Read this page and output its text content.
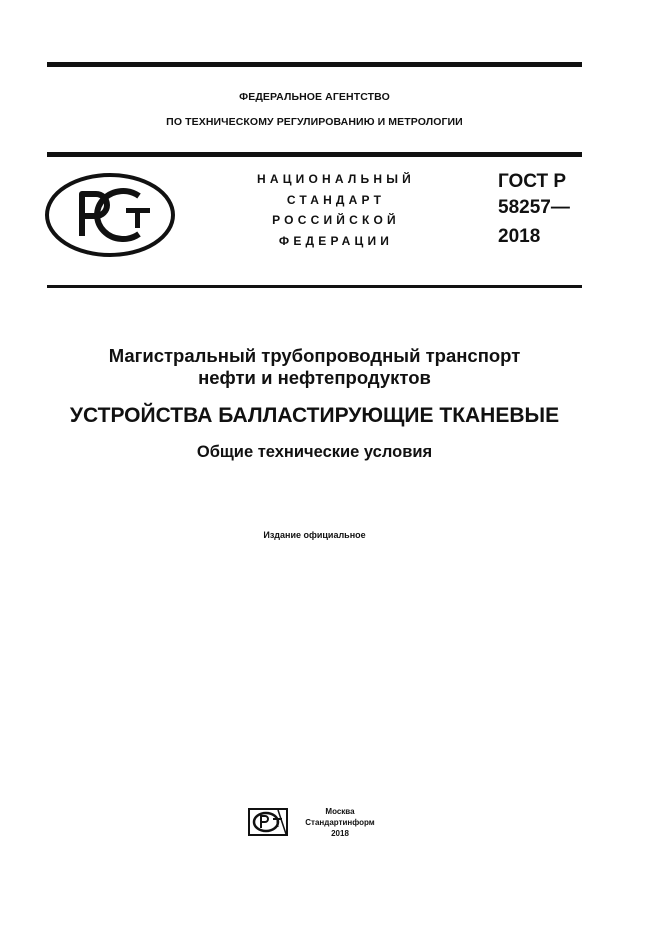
ФЕДЕРАЛЬНОЕ АГЕНТСТВО
ПО ТЕХНИЧЕСКОМУ РЕГУЛИРОВАНИЮ И МЕТРОЛОГИИ
НАЦИОНАЛЬНЫЙ
СТАНДАРТ
РОССИЙСКОЙ
ФЕДЕРАЦИИ
ГОСТ Р
58257—
2018
Магистральный трубопроводный транспорт
нефти и нефтепродуктов
УСТРОЙСТВА БАЛЛАСТИРУЮЩИЕ ТКАНЕВЫЕ
Общие технические условия
Издание официальное
Москва
Стандартинформ
2018
